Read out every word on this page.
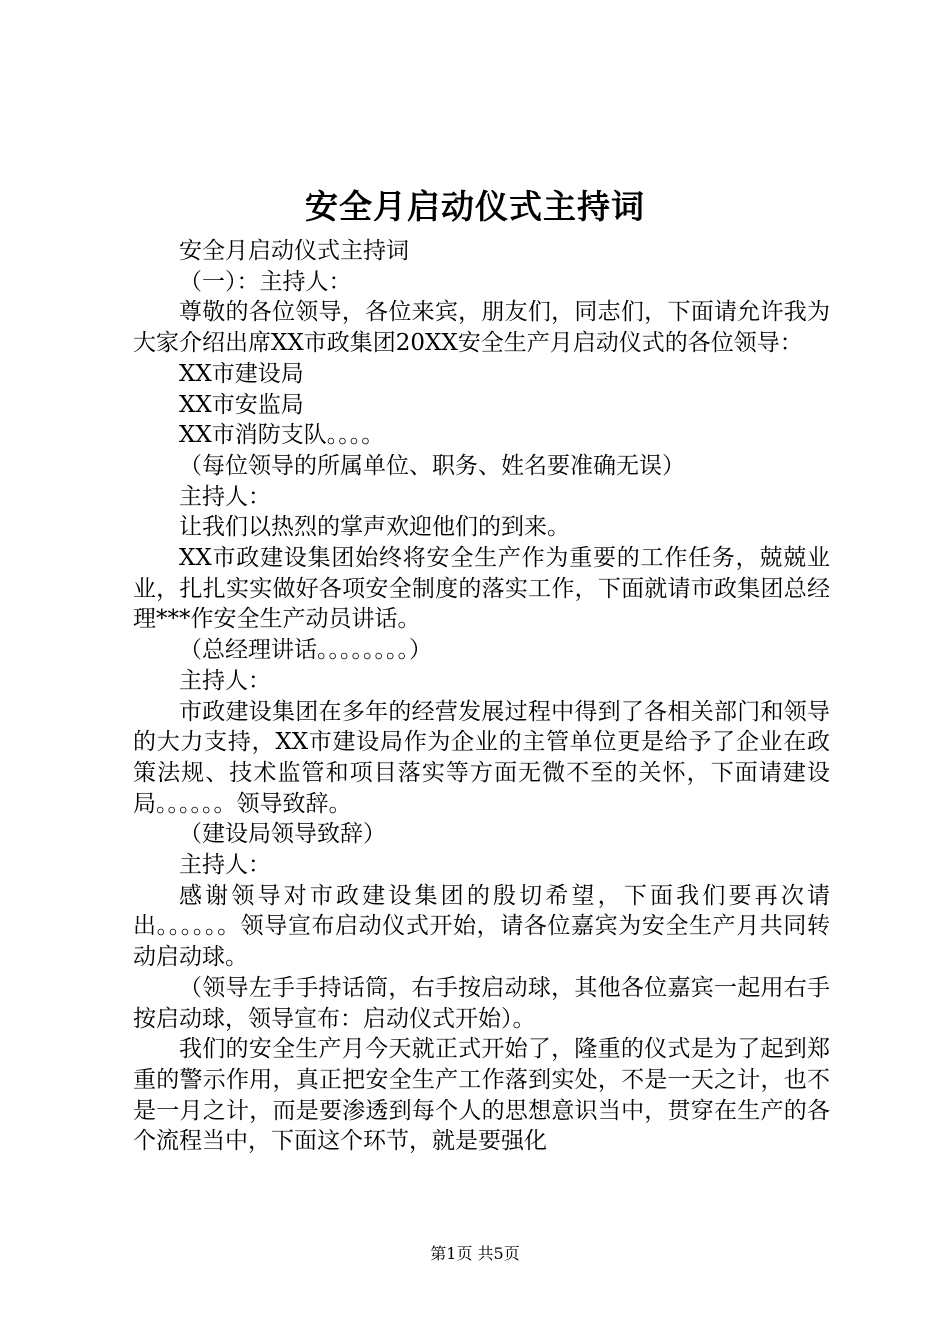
安全月启动仪式主持词

安全月启动仪式主持词

（一）：主持人：

尊敬的各位领导，各位来宾，朋友们，同志们，下面请允许我为大家介绍出席XX市政集团20XX安全生产月启动仪式的各位领导：

XX市建设局

XX市安监局

XX市消防支队。。。。

（每位领导的所属单位、职务、姓名要准确无误）

主持人：

让我们以热烈的掌声欢迎他们的到来。

XX市政建设集团始终将安全生产作为重要的工作任务，兢兢业业，扎扎实实做好各项安全制度的落实工作，下面就请市政集团总经理***作安全生产动员讲话。

（总经理讲话。。。。。。。。）

主持人：

市政建设集团在多年的经营发展过程中得到了各相关部门和领导的大力支持，XX市建设局作为企业的主管单位更是给予了企业在政策法规、技术监管和项目落实等方面无微不至的关怀，下面请建设局。。。。。。领导致辞。

（建设局领导致辞）

主持人：

感谢领导对市政建设集团的殷切希望，下面我们要再次请出。。。。。。领导宣布启动仪式开始，请各位嘉宾为安全生产月共同转动启动球。

（领导左手手持话筒，右手按启动球，其他各位嘉宾一起用右手按启动球，领导宣布：启动仪式开始）。

我们的安全生产月今天就正式开始了，隆重的仪式是为了起到郑重的警示作用，真正把安全生产工作落到实处，不是一天之计，也不是一月之计，而是要渗透到每个人的思想意识当中，贯穿在生产的各个流程当中，下面这个环节，就是要强化

第1页 共5页
